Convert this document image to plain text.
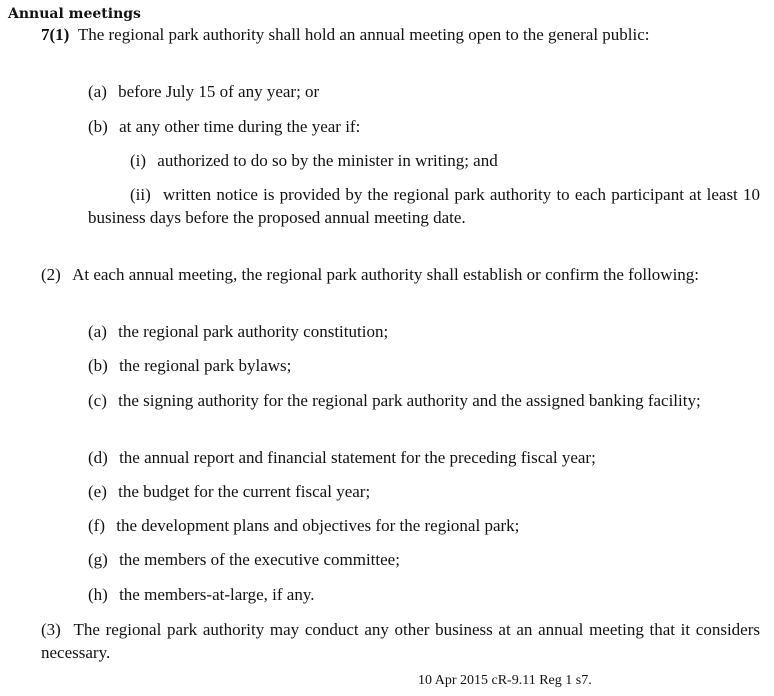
Annual meetings
7(1) The regional park authority shall hold an annual meeting open to the general public:
(a) before July 15 of any year; or
(b) at any other time during the year if:
(i) authorized to do so by the minister in writing; and
(ii) written notice is provided by the regional park authority to each participant at least 10 business days before the proposed annual meeting date.
(2) At each annual meeting, the regional park authority shall establish or confirm the following:
(a) the regional park authority constitution;
(b) the regional park bylaws;
(c) the signing authority for the regional park authority and the assigned banking facility;
(d) the annual report and financial statement for the preceding fiscal year;
(e) the budget for the current fiscal year;
(f) the development plans and objectives for the regional park;
(g) the members of the executive committee;
(h) the members-at-large, if any.
(3) The regional park authority may conduct any other business at an annual meeting that it considers necessary.
10 Apr 2015 cR-9.11 Reg 1 s7.
